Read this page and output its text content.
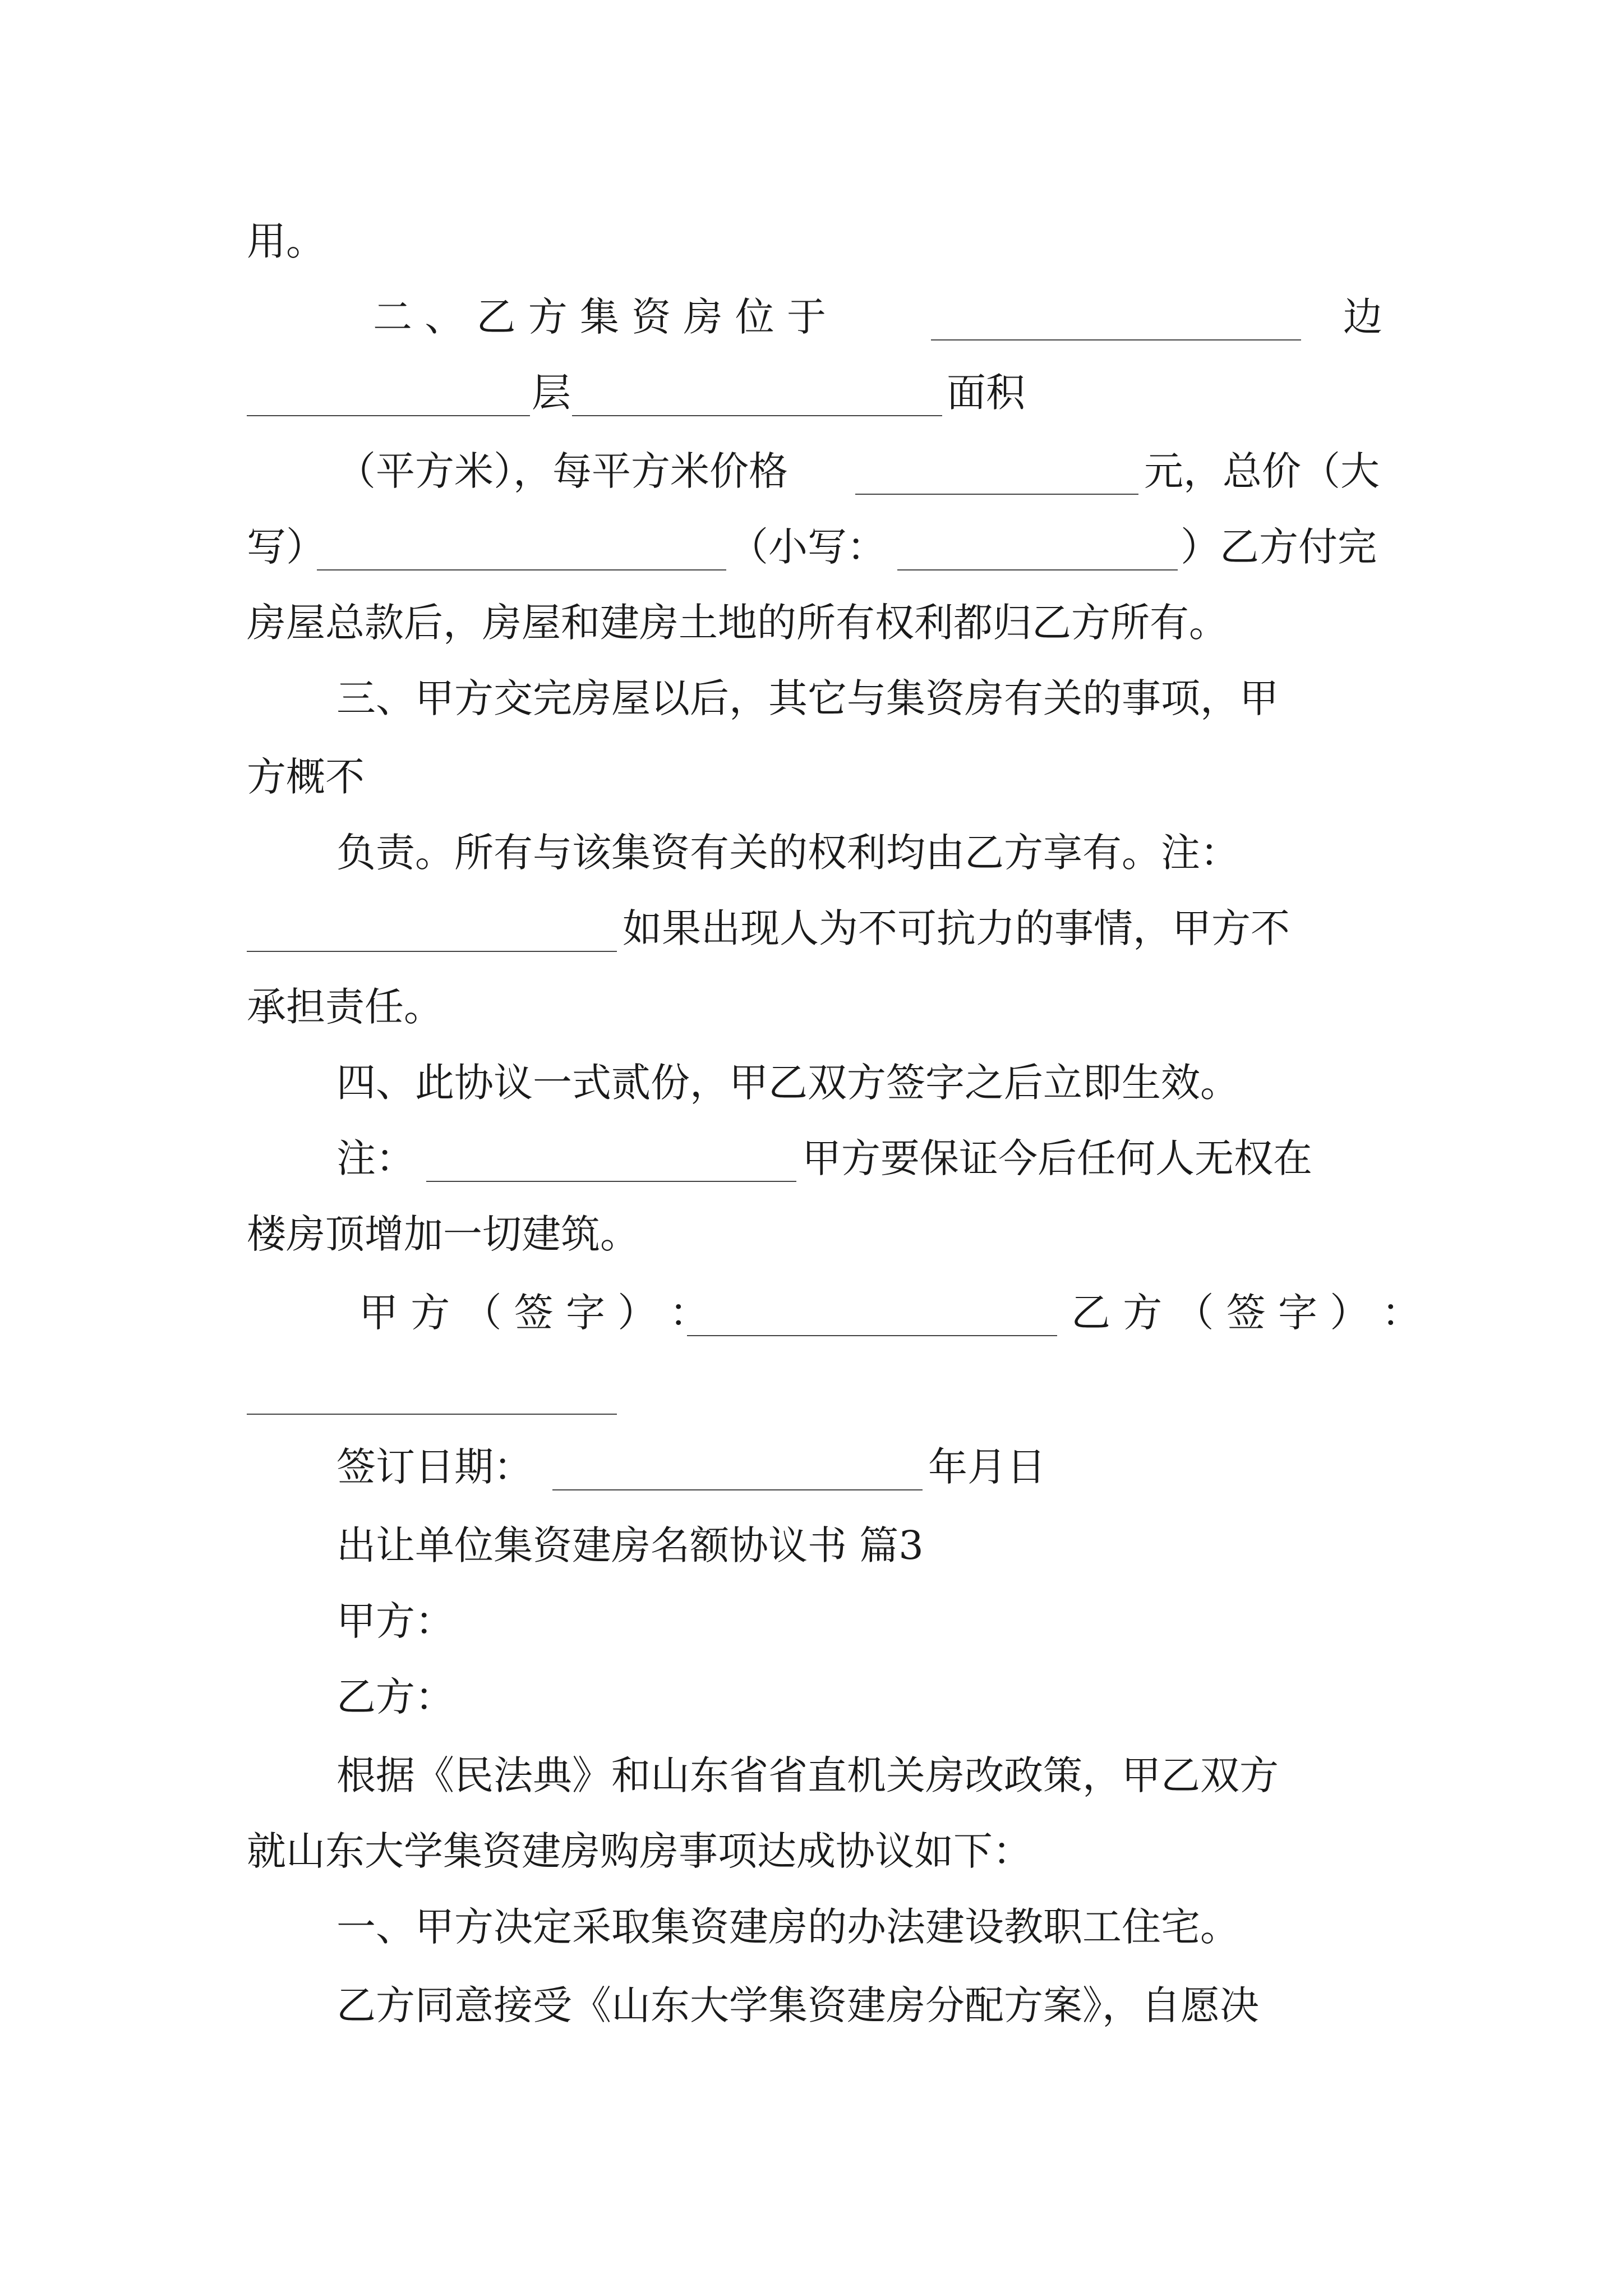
用。
二 、 乙 方 集 资 房 位 于	边
层	面积
（平方米），每平方米价格	元，总价（大
写）	（小写：	）乙方付完
房屋总款后，房屋和建房土地的所有权利都归乙方所有。
三、甲方交完房屋以后，其它与集资房有关的事项，甲
方概不
负责。所有与该集资有关的权利均由乙方享有。注：
如果出现人为不可抗力的事情，甲方不
承担责任。
四、此协议一式贰份，甲乙双方签字之后立即生效。
注：	甲方要保证今后任何人无权在
楼房顶增加一切建筑。
甲 方 （ 签 字 ） ：	乙 方 （ 签 字 ） ：
签订日期：	年月日
出让单位集资建房名额协议书 篇3
甲方：
乙方：
根据《民法典》和山东省省直机关房改政策，甲乙双方
就山东大学集资建房购房事项达成协议如下：
一、甲方决定采取集资建房的办法建设教职工住宅。
乙方同意接受《山东大学集资建房分配方案》，自愿决
